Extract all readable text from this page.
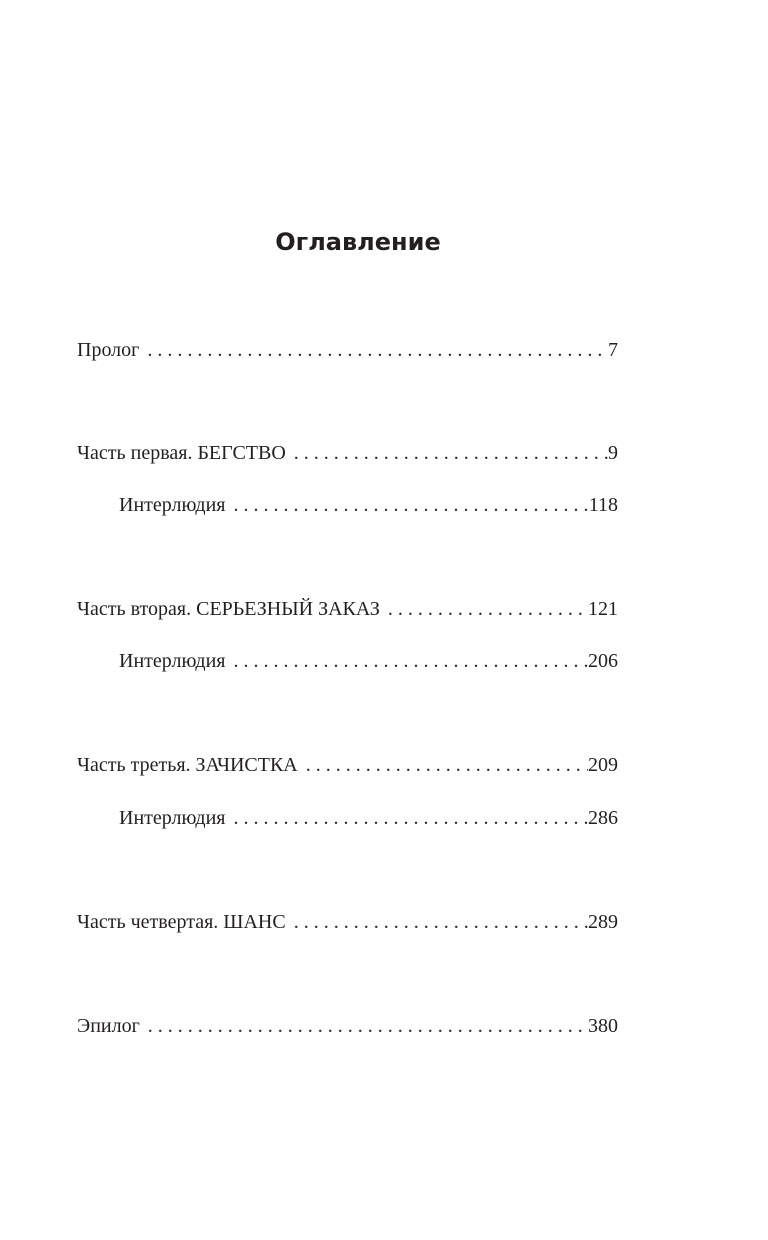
Оглавление
Пролог . . .	7
Часть первая. БЕГСТВО . . .	9
Интерлюдия . . .	118
Часть вторая. СЕРЬЕЗНЫЙ ЗАКАЗ . . .	121
Интерлюдия . . .	206
Часть третья. ЗАЧИСТКА . . .	209
Интерлюдия . . .	286
Часть четвертая. ШАНС . . .	289
Эпилог . . .	380
